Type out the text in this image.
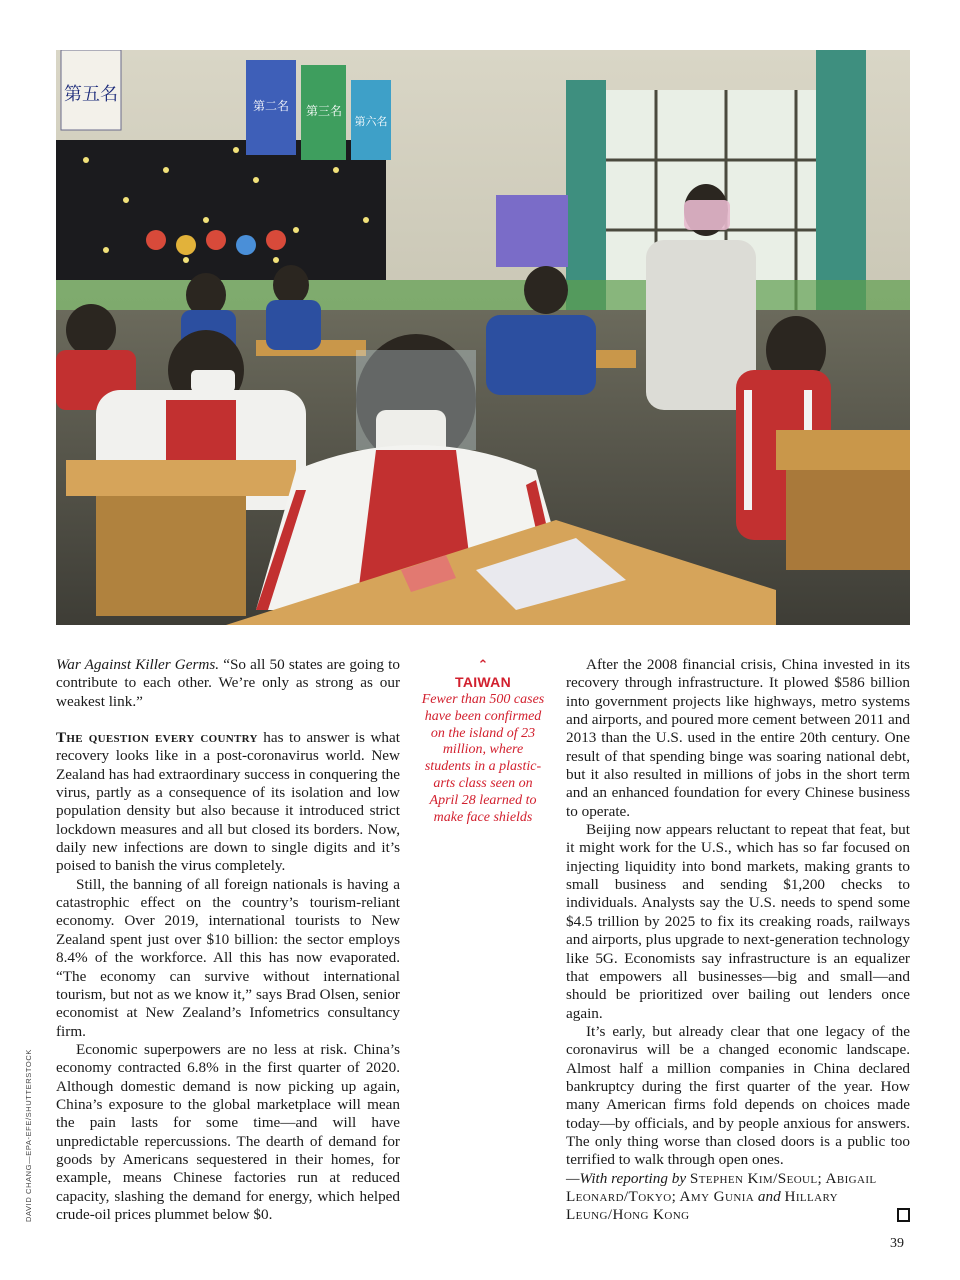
第五名
第二名 第三名
第六名
DAVID CHANG—EPA-EFE/SHUTTERSTOCK

War Against Killer Germs. “So all 50 states are going to contribute to each other. We’re only as strong as our weakest link.”

The question every country has to answer is what recovery looks like in a post-coronavirus world. New Zealand has had extraordinary success in conquering the virus, partly as a consequence of its isolation and low population density but also because it introduced strict lockdown measures and all but closed its borders. Now, daily new infections are down to single digits and it’s poised to banish the virus completely.

Still, the banning of all foreign nationals is having a catastrophic effect on the country’s tourism-reliant economy. Over 2019, international tourists to New Zealand spent just over $10 billion: the sector employs 8.4% of the workforce. All this has now evaporated. “The economy can survive without international tourism, but not as we know it,” says Brad Olsen, senior economist at New Zealand’s Infometrics consultancy firm.

Economic superpowers are no less at risk. China’s economy contracted 6.8% in the first quarter of 2020. Although domestic demand is now picking up again, China’s exposure to the global marketplace will mean the pain lasts for some time—and will have unpredictable repercussions. The dearth of demand for goods by Americans sequestered in their homes, for example, means Chinese factories run at reduced capacity, slashing the demand for energy, which helped crude-oil prices plummet below $0.

⌃
TAIWAN
Fewer than 500 cases have been confirmed on the island of 23 million, where students in a plastic-arts class seen on April 28 learned to make face shields

After the 2008 financial crisis, China invested in its recovery through infrastructure. It plowed $586 billion into government projects like highways, metro systems and airports, and poured more cement between 2011 and 2013 than the U.S. used in the entire 20th century. One result of that spending binge was soaring national debt, but it also resulted in millions of jobs in the short term and an enhanced foundation for every Chinese business to operate.

Beijing now appears reluctant to repeat that feat, but it might work for the U.S., which has so far focused on injecting liquidity into bond markets, making grants to small business and sending $1,200 checks to individuals. Analysts say the U.S. needs to spend some $4.5 trillion by 2025 to fix its creaking roads, railways and airports, plus upgrade to next-generation technology like 5G. Economists say infrastructure is an equalizer that empowers all businesses—big and small—and should be prioritized over bailing out lenders once again.

It’s early, but already clear that one legacy of the coronavirus will be a changed economic landscape. Almost half a million companies in China declared bankruptcy during the first quarter of the year. How many American firms fold depends on choices made today—by officials, and by people anxious for answers. The only thing worse than closed doors is a public too terrified to walk through open ones.

—With reporting by Stephen Kim/Seoul; Abigail Leonard/Tokyo; Amy Gunia and Hillary Leung/Hong Kong

39
